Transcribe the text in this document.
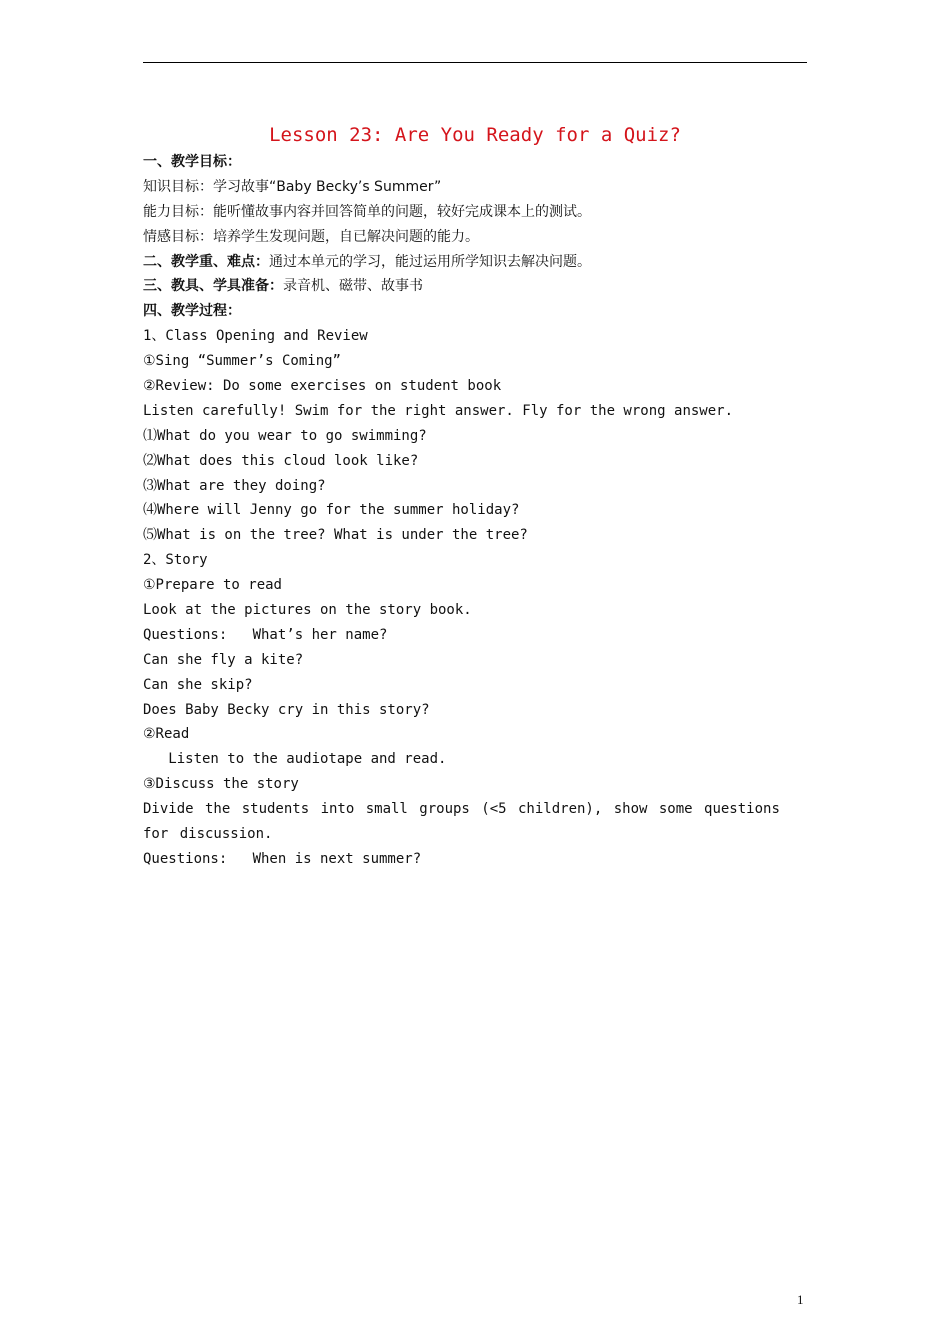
Lesson 23: Are You Ready for a Quiz?
一、教学目标：
知识目标：学习故事“Baby Becky’s Summer”
能力目标：能听懂故事内容并回答简单的问题，较好完成课本上的测试。
情感目标：培养学生发现问题，自已解决问题的能力。
二、教学重、难点：通过本单元的学习，能过运用所学知识去解决问题。
三、教具、学具准备：录音机、磁带、故事书
四、教学过程：
1、Class Opening and Review
①Sing “Summer’s Coming”
②Review: Do some exercises on student book
Listen carefully! Swim for the right answer. Fly for the wrong answer.
⑴What do you wear to go swimming?
⑵What does this cloud look like?
⑶What are they doing?
⑷Where will Jenny go for the summer holiday?
⑸What is on the tree? What is under the tree?
2、Story
①Prepare to read
Look at the pictures on the story book.
Questions:   What’s her name?
Can she fly a kite?
Can she skip?
Does Baby Becky cry in this story?
②Read
Listen to the audiotape and read.
③Discuss the story
Divide the students into small groups (<5 children), show some questions for discussion.
Questions:   When is next summer?
1
